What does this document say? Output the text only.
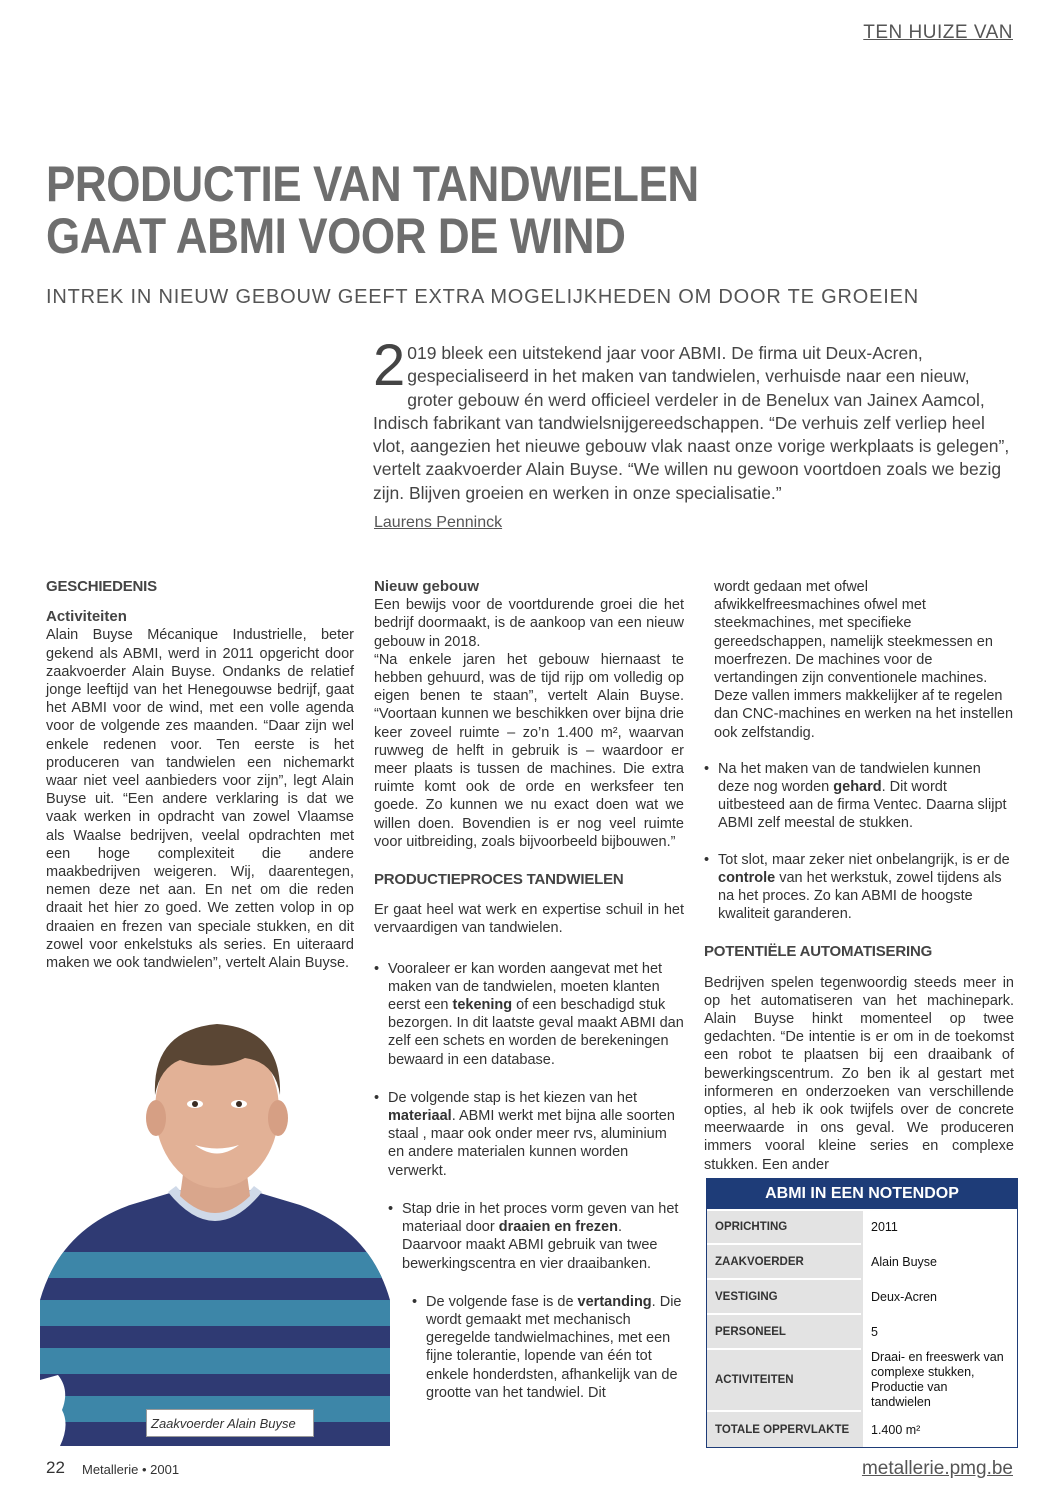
TEN HUIZE VAN
PRODUCTIE VAN TANDWIELEN
GAAT ABMI VOOR DE WIND
INTREK IN NIEUW GEBOUW GEEFT EXTRA MOGELIJKHEDEN OM DOOR TE GROEIEN
2 019 bleek een uitstekend jaar voor ABMI. De firma uit Deux-Acren, gespecialiseerd in het maken van tandwielen, verhuisde naar een nieuw, groter gebouw én werd officieel verdeler in de Benelux van Jainex Aamcol, Indisch fabrikant van tandwielsnijgereedschappen. “De verhuis zelf verliep heel vlot, aangezien het nieuwe gebouw vlak naast onze vorige werkplaats is gelegen”, vertelt zaakvoerder Alain Buyse. “We willen nu gewoon voortdoen zoals we bezig zijn. Blijven groeien en werken in onze specialisatie.”
Laurens Penninck
GESCHIEDENIS
Activiteiten

Alain Buyse Mécanique Industrielle, beter gekend als ABMI, werd in 2011 opgericht door zaakvoerder Alain Buyse. Ondanks de relatief jonge leeftijd van het Henegouwse bedrijf, gaat het ABMI voor de wind, met een volle agenda voor de volgende zes maanden. “Daar zijn wel enkele redenen voor. Ten eerste is het produceren van tandwielen een nichemarkt waar niet veel aanbieders voor zijn”, legt Alain Buyse uit. “Een andere verklaring is dat we vaak werken in opdracht van zowel Vlaamse als Waalse bedrijven, veelal opdrachten met een hoge complexiteit die andere maakbedrijven weigeren. Wij, daarentegen, nemen deze net aan. En net om die reden draait het hier zo goed. We zetten volop in op draaien en frezen van speciale stukken, en dit zowel voor enkelstuks als series. En uiteraard maken we ook tandwielen”, vertelt Alain Buyse.

Zaakvoerder Alain Buyse
Nieuw gebouw

Een bewijs voor de voortdurende groei die het bedrijf doormaakt, is de aankoop van een nieuw gebouw in 2018.

“Na enkele jaren het gebouw hiernaast te hebben gehuurd, was de tijd rijp om volledig op eigen benen te staan”, vertelt Alain Buyse. “Voortaan kunnen we beschikken over bijna drie keer zoveel ruimte – zo’n 1.400 m², waarvan ruwweg de helft in gebruik is – waardoor er meer plaats is tussen de machines. Die extra ruimte komt ook de orde en werksfeer ten goede. Zo kunnen we nu exact doen wat we willen doen. Bovendien is er nog veel ruimte voor uitbreiding, zoals bijvoorbeeld bijbouwen.”

PRODUCTIEPROCES TANDWIELEN

Er gaat heel wat werk en expertise schuil in het vervaardigen van tandwielen.

• Vooraleer er kan worden aangevat met het maken van de tandwielen, moeten klanten eerst een tekening of een beschadigd stuk bezorgen. In dit laatste geval maakt ABMI dan zelf een schets en worden de berekeningen bewaard in een database.
• De volgende stap is het kiezen van het materiaal. ABMI werkt met bijna alle soorten staal , maar ook onder meer rvs, aluminium en andere materialen kunnen worden verwerkt.
• Stap drie in het proces vorm geven van het materiaal door draaien en frezen. Daarvoor maakt ABMI gebruik van twee bewerkingscentra en vier draaibanken.
• De volgende fase is de vertanding. Die wordt gemaakt met mechanisch geregelde tandwielmachines, met een fijne tolerantie, lopende van één tot enkele honderdsten, afhankelijk van de grootte van het tandwiel. Dit

wordt gedaan met ofwel afwikkelfreesmachines ofwel met steekmachines, met specifieke gereedschappen, namelijk steekmessen en moerfrezen. De machines voor de vertandingen zijn conventionele machines. Deze vallen immers makkelijker af te regelen dan CNC-machines en werken na het instellen ook zelfstandig.

• Na het maken van de tandwielen kunnen deze nog worden gehard. Dit wordt uitbesteed aan de firma Ventec. Daarna slijpt ABMI zelf meestal de stukken.
• Tot slot, maar zeker niet onbelangrijk, is er de controle van het werkstuk, zowel tijdens als na het proces. Zo kan ABMI de hoogste kwaliteit garanderen.
POTENTIËLE AUTOMATISERING

Bedrijven spelen tegenwoordig steeds meer in op het automatiseren van het machinepark. Alain Buyse hinkt momenteel op twee gedachten. “De intentie is er om in de toekomst een robot te plaatsen bij een draaibank of bewerkingscentrum. Zo ben ik al gestart met informeren en onderzoeken van verschillende opties, al heb ik ook twijfels over de concrete meerwaarde in ons geval. We produceren immers vooral kleine series en complexe stukken. Een ander

ABMI IN EEN NOTENDOP
OPRICHTING	2011
ZAAKVOERDER	Alain Buyse
VESTIGING	Deux-Acren
PERSONEEL	5
ACTIVITEITEN	Draai- en freeswerk van complexe stukken, Productie van tandwielen
TOTALE OPPERVLAKTE	1.400 m²
22 Metallerie • 2001	metallerie.pmg.be
